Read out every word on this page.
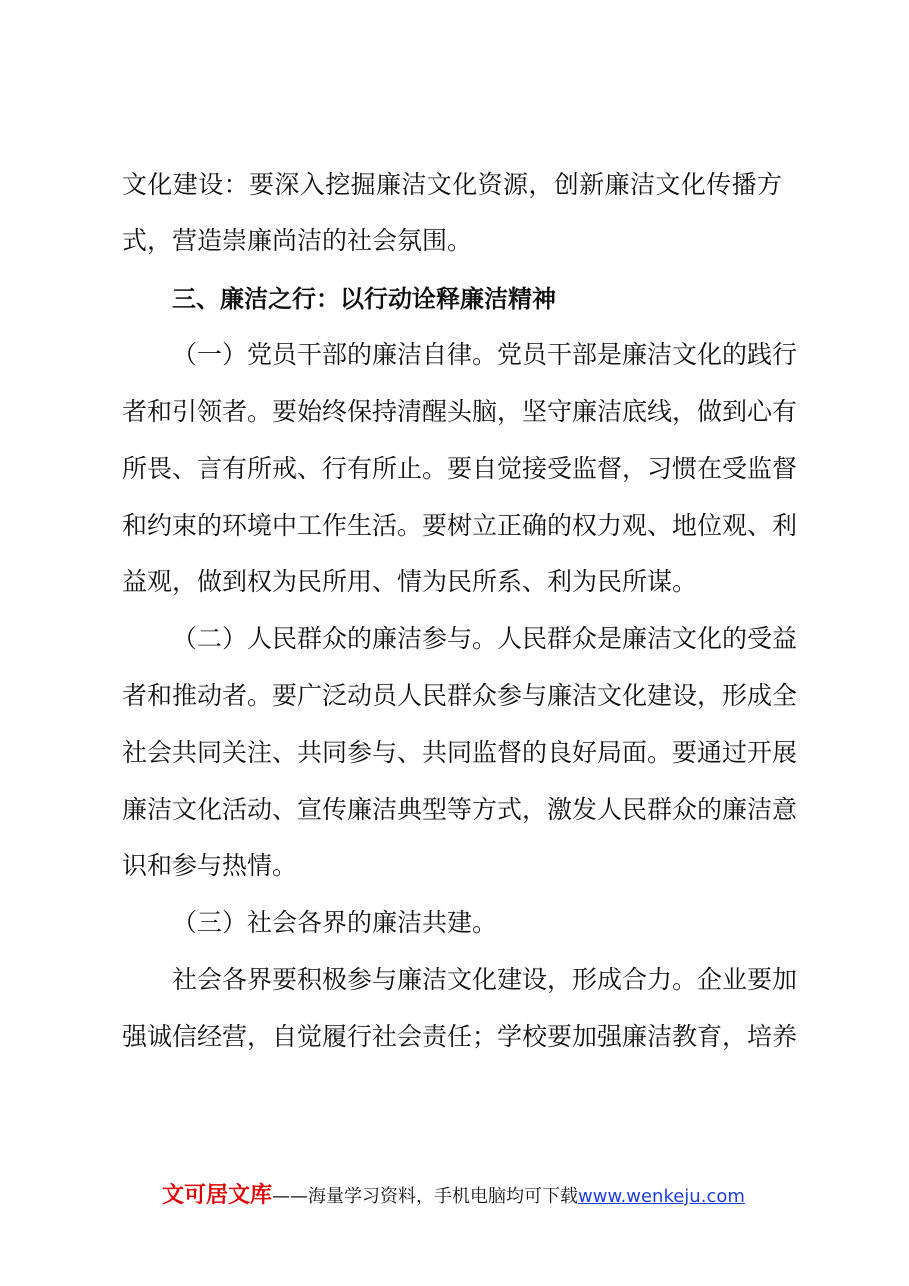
文化建设：要深入挖掘廉洁文化资源，创新廉洁文化传播方
式，营造崇廉尚洁的社会氛围。
三、廉洁之行：以行动诠释廉洁精神
（一）党员干部的廉洁自律。党员干部是廉洁文化的践行
者和引领者。要始终保持清醒头脑，坚守廉洁底线，做到心有
所畏、言有所戒、行有所止。要自觉接受监督，习惯在受监督
和约束的环境中工作生活。要树立正确的权力观、地位观、利
益观，做到权为民所用、情为民所系、利为民所谋。
（二）人民群众的廉洁参与。人民群众是廉洁文化的受益
者和推动者。要广泛动员人民群众参与廉洁文化建设，形成全
社会共同关注、共同参与、共同监督的良好局面。要通过开展
廉洁文化活动、宣传廉洁典型等方式，激发人民群众的廉洁意
识和参与热情。
（三）社会各界的廉洁共建。
社会各界要积极参与廉洁文化建设，形成合力。企业要加
强诚信经营，自觉履行社会责任；学校要加强廉洁教育，培养
文可居文库——海量学习资料，手机电脑均可下载www.wenkeju.com
